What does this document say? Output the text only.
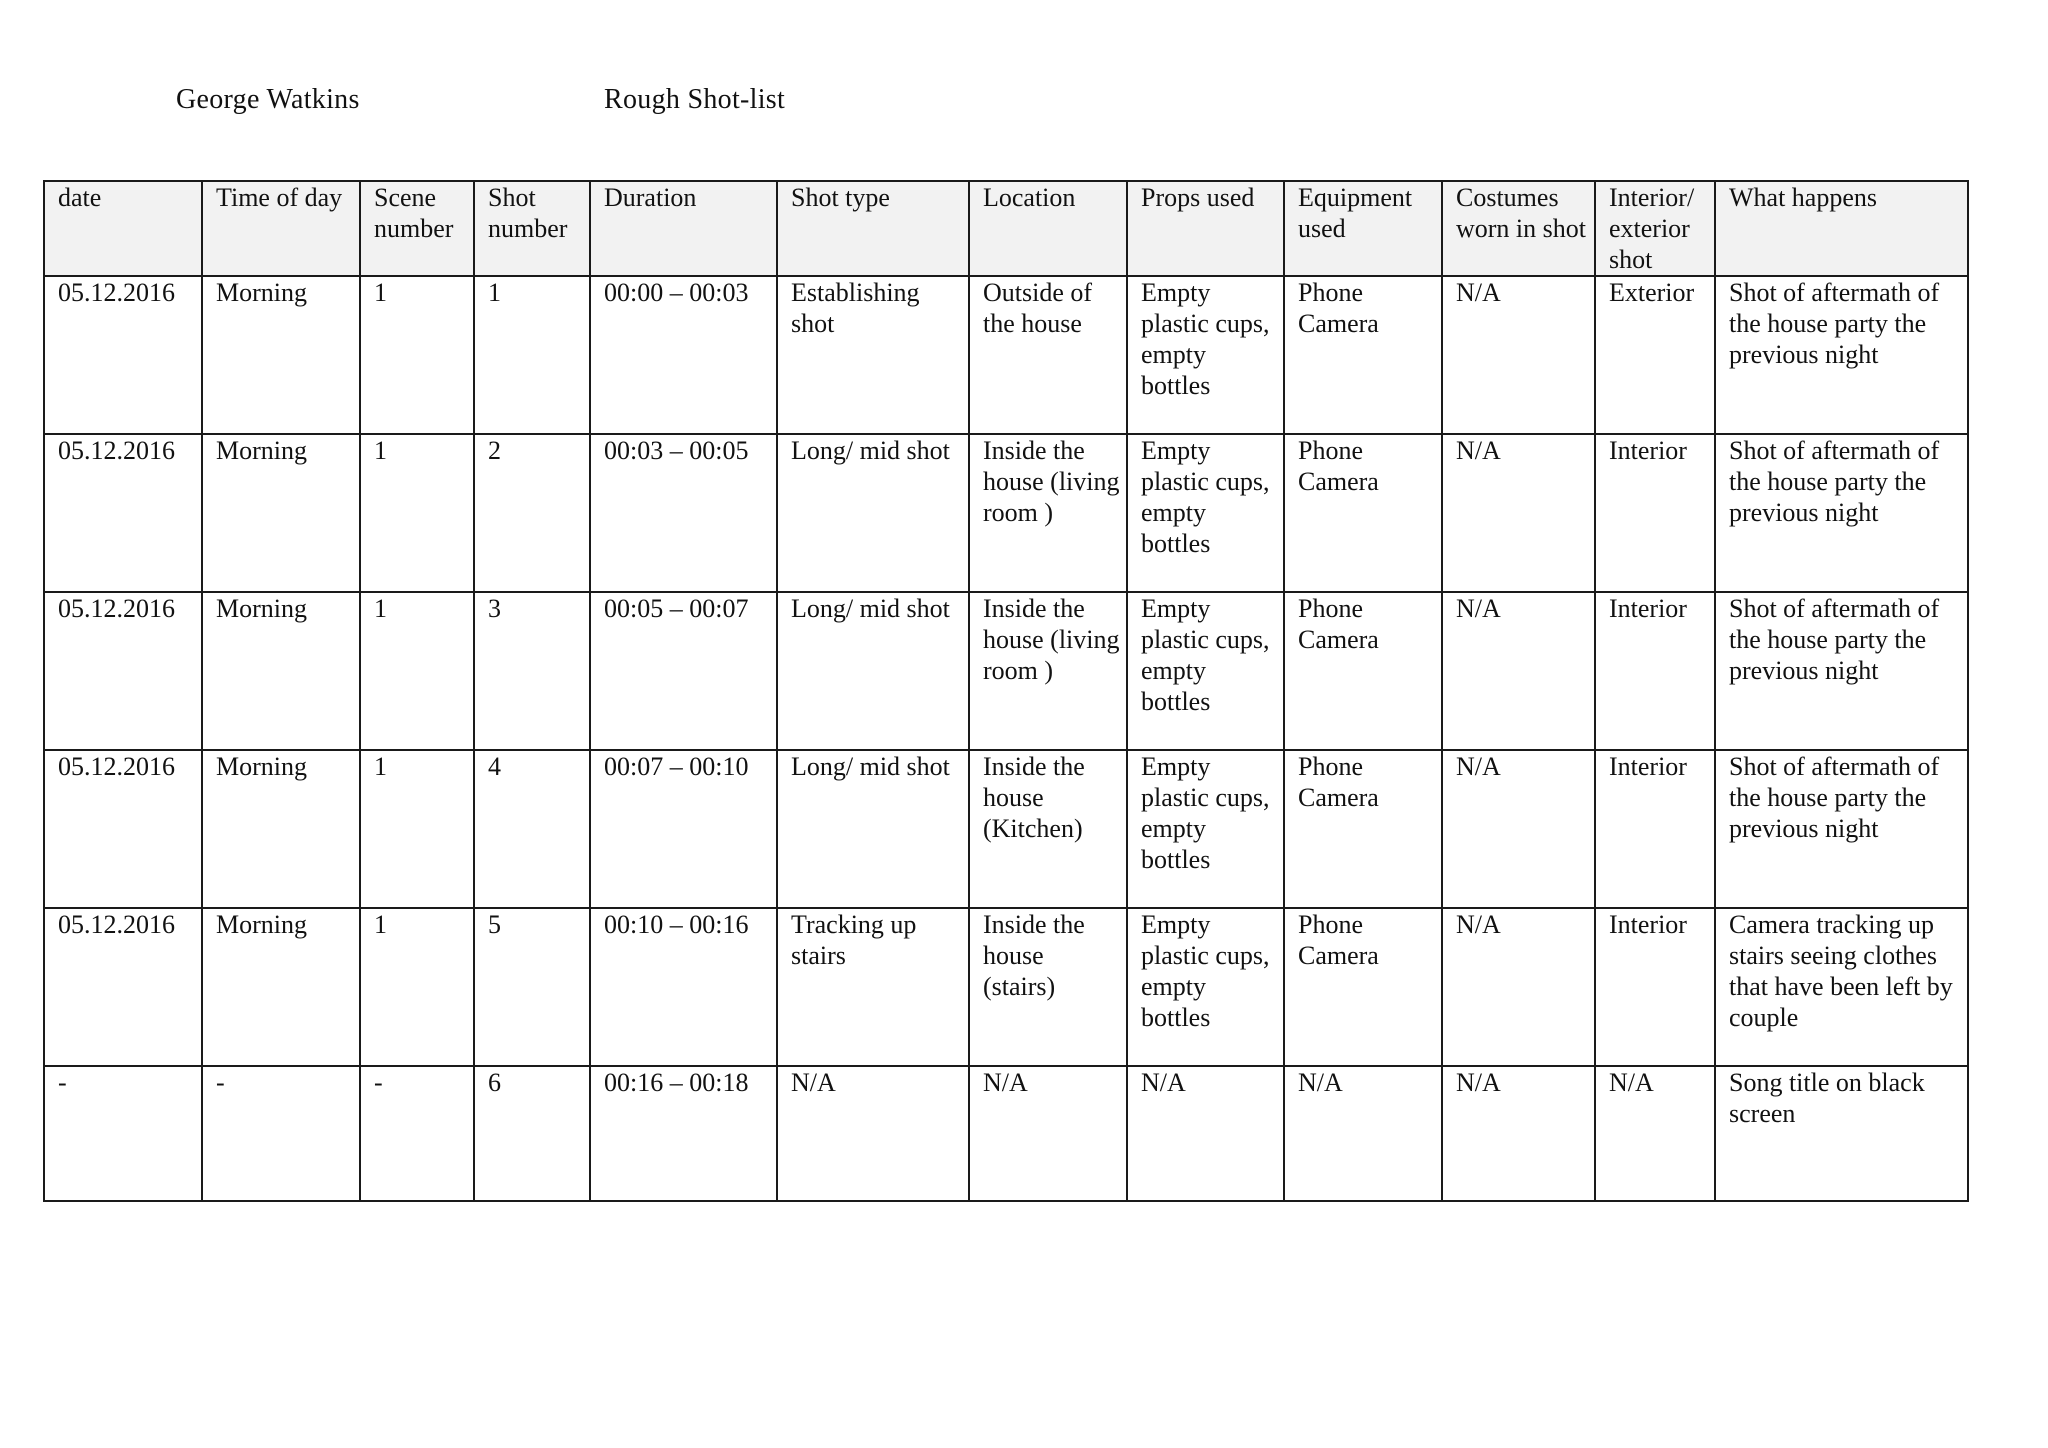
George Watkins	Rough Shot-list
date	Time of day	Scene number	Shot number	Duration	Shot type	Location	Props used	Equipment used	Costumes worn in shot	Interior/ exterior shot	What happens
05.12.2016	Morning	1	1	00:00 – 00:03	Establishing shot	Outside of the house	Empty plastic cups, empty bottles	Phone Camera	N/A	Exterior	Shot of aftermath of the house party the previous night
05.12.2016	Morning	1	2	00:03 – 00:05	Long/ mid shot	Inside the house (living room )	Empty plastic cups, empty bottles	Phone Camera	N/A	Interior	Shot of aftermath of the house party the previous night
05.12.2016	Morning	1	3	00:05 – 00:07	Long/ mid shot	Inside the house (living room )	Empty plastic cups, empty bottles	Phone Camera	N/A	Interior	Shot of aftermath of the house party the previous night
05.12.2016	Morning	1	4	00:07 – 00:10	Long/ mid shot	Inside the house (Kitchen)	Empty plastic cups, empty bottles	Phone Camera	N/A	Interior	Shot of aftermath of the house party the previous night
05.12.2016	Morning	1	5	00:10 – 00:16	Tracking up stairs	Inside the house (stairs)	Empty plastic cups, empty bottles	Phone Camera	N/A	Interior	Camera tracking up stairs seeing clothes that have been left by couple
-	-	-	6	00:16 – 00:18	N/A	N/A	N/A	N/A	N/A	N/A	Song title on black screen
